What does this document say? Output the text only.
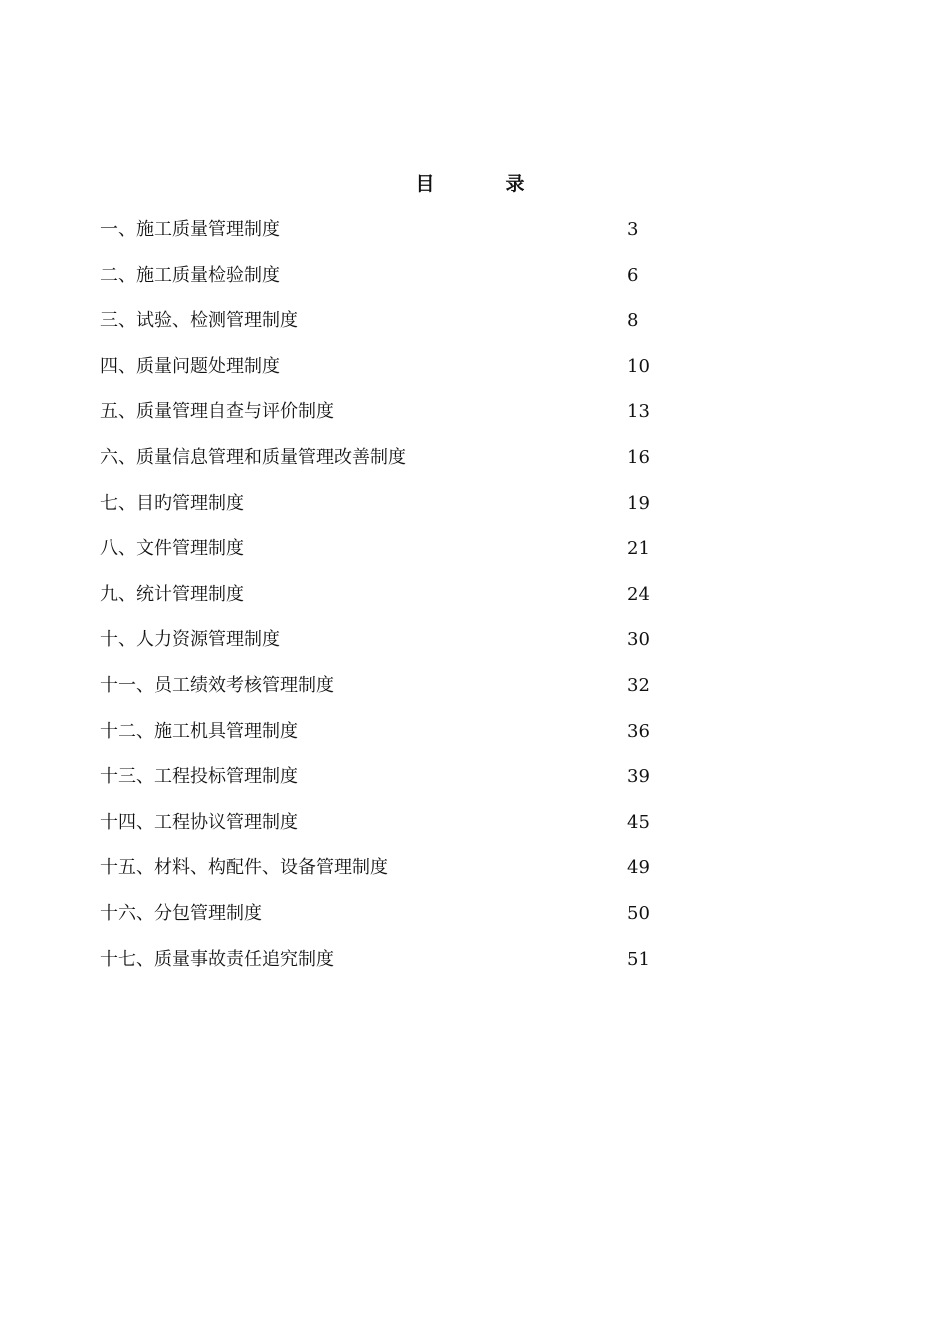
目　录
一、施工质量管理制度	3
二、施工质量检验制度	6
三、试验、检测管理制度	8
四、质量问题处理制度	10
五、质量管理自查与评价制度	13
六、质量信息管理和质量管理改善制度	16
七、目旳管理制度	19
八、文件管理制度	21
九、统计管理制度	24
十、人力资源管理制度	30
十一、员工绩效考核管理制度	32
十二、施工机具管理制度	36
十三、工程投标管理制度	39
十四、工程协议管理制度	45
十五、材料、构配件、设备管理制度	49
十六、分包管理制度	50
十七、质量事故责任追究制度	51
